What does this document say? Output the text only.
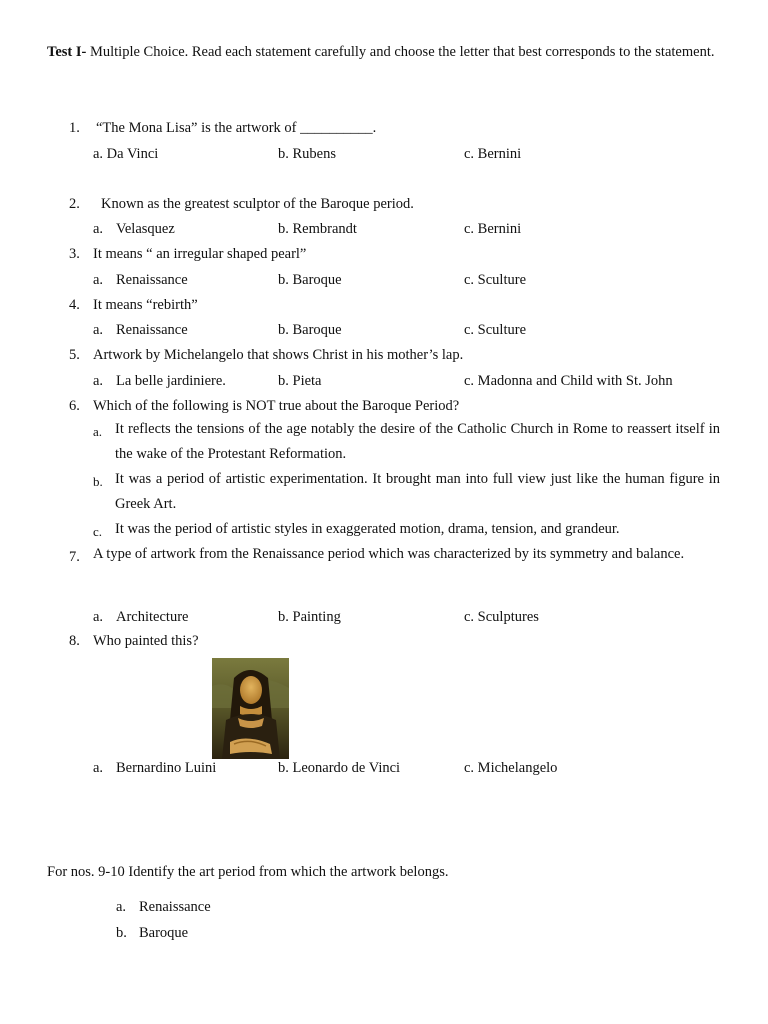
Test I- Multiple Choice. Read each statement carefully and choose the letter that best corresponds to the statement.
1. “The Mona Lisa” is the artwork of __________.
a. Da Vinci	b. Rubens	c. Bernini
2. Known as the greatest sculptor of the Baroque period.
a. Velasquez	b. Rembrandt	c. Bernini
3. It means “ an irregular shaped pearl”
a. Renaissance	b. Baroque	c. Sculture
4. It means “rebirth”
a. Renaissance	b. Baroque	c. Sculture
5. Artwork by Michelangelo that shows Christ in his mother’s lap.
a. La belle jardiniere.	b. Pieta	c. Madonna and Child with St. John
6. Which of the following is NOT true about the Baroque Period?
a. It reflects the tensions of the age notably the desire of the Catholic Church in Rome to reassert itself in the wake of the Protestant Reformation.
b. It was a period of artistic experimentation. It brought man into full view just like the human figure in Greek Art.
c. It was the period of artistic styles in exaggerated motion, drama, tension, and grandeur.
7. A type of artwork from the Renaissance period which was characterized by its symmetry and balance.
a. Architecture	b. Painting	c. Sculptures
8. Who painted this?
a. Bernardino Luini	b. Leonardo de Vinci	c. Michelangelo
For nos. 9-10 Identify the art period from which the artwork belongs.
a. Renaissance
b. Baroque
